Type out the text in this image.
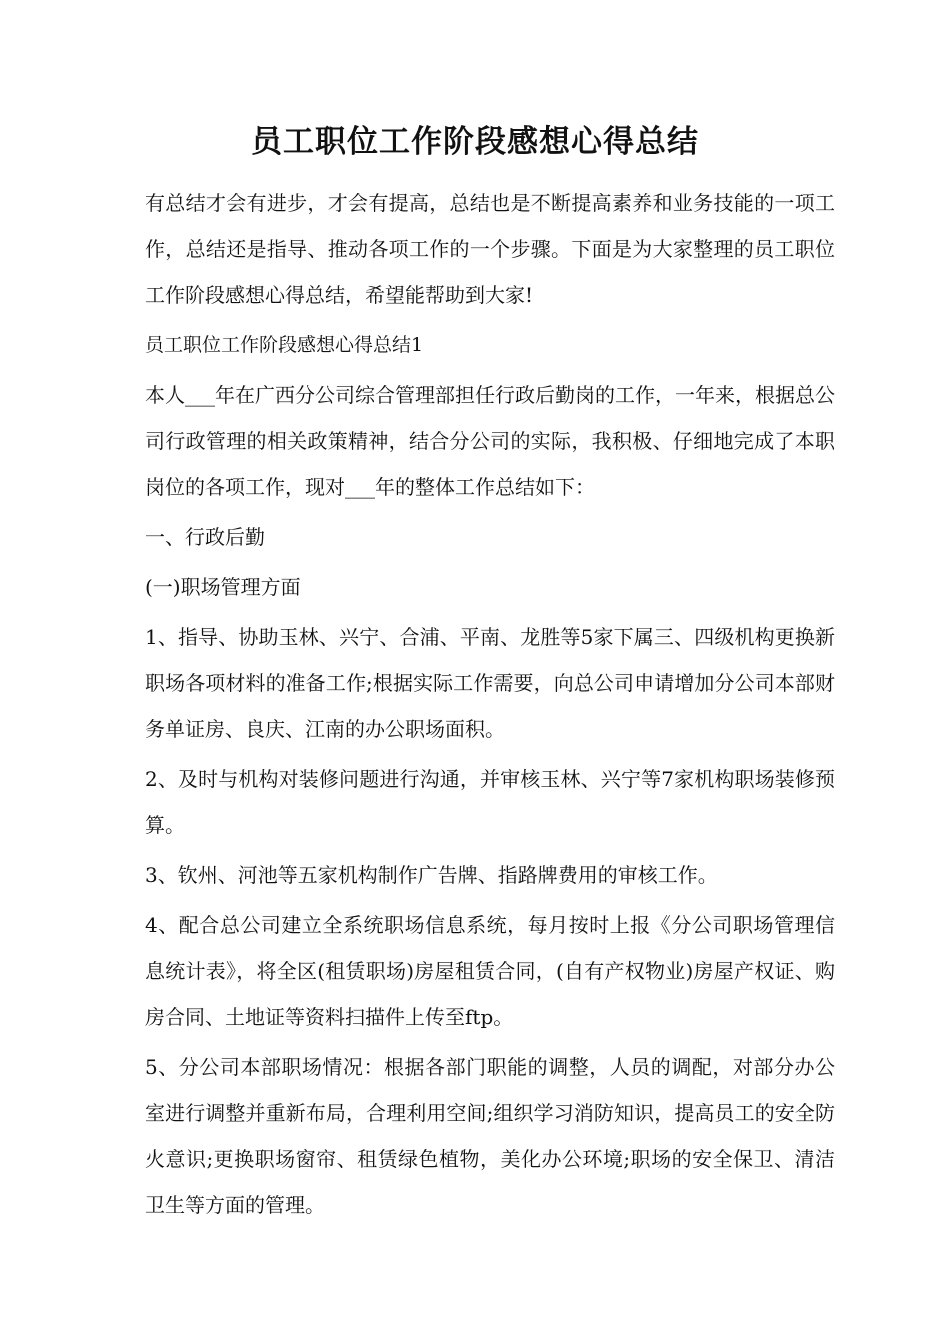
员工职位工作阶段感想心得总结

有总结才会有进步，才会有提高，总结也是不断提高素养和业务技能的一项工作，总结还是指导、推动各项工作的一个步骤。下面是为大家整理的员工职位工作阶段感想心得总结，希望能帮助到大家!

员工职位工作阶段感想心得总结1

本人___年在广西分公司综合管理部担任行政后勤岗的工作，一年来，根据总公司行政管理的相关政策精神，结合分公司的实际，我积极、仔细地完成了本职岗位的各项工作，现对___年的整体工作总结如下：

一、行政后勤

(一)职场管理方面

1、指导、协助玉林、兴宁、合浦、平南、龙胜等5家下属三、四级机构更换新职场各项材料的准备工作;根据实际工作需要，向总公司申请增加分公司本部财务单证房、良庆、江南的办公职场面积。

2、及时与机构对装修问题进行沟通，并审核玉林、兴宁等7家机构职场装修预算。

3、钦州、河池等五家机构制作广告牌、指路牌费用的审核工作。

4、配合总公司建立全系统职场信息系统，每月按时上报《分公司职场管理信息统计表》，将全区(租赁职场)房屋租赁合同，(自有产权物业)房屋产权证、购房合同、土地证等资料扫描件上传至ftp。

5、分公司本部职场情况：根据各部门职能的调整，人员的调配，对部分办公室进行调整并重新布局，合理利用空间;组织学习消防知识，提高员工的安全防火意识;更换职场窗帘、租赁绿色植物，美化办公环境;职场的安全保卫、清洁卫生等方面的管理。
